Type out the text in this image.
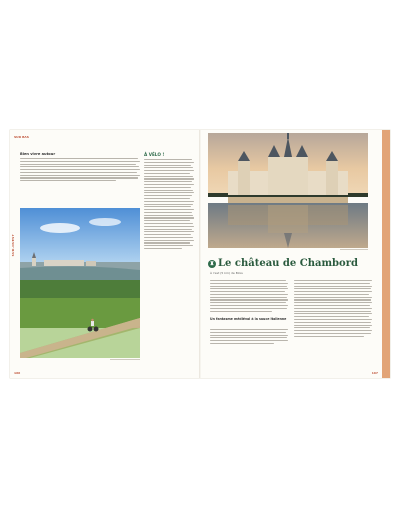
SUD BAS
SUD-OUEST
Bien vivre autour	À VÉLO !
166
♜ Le château de Chambord
À l'est (5 km) de Blois
Un fantasme médiéval à la sauce italienne
167
